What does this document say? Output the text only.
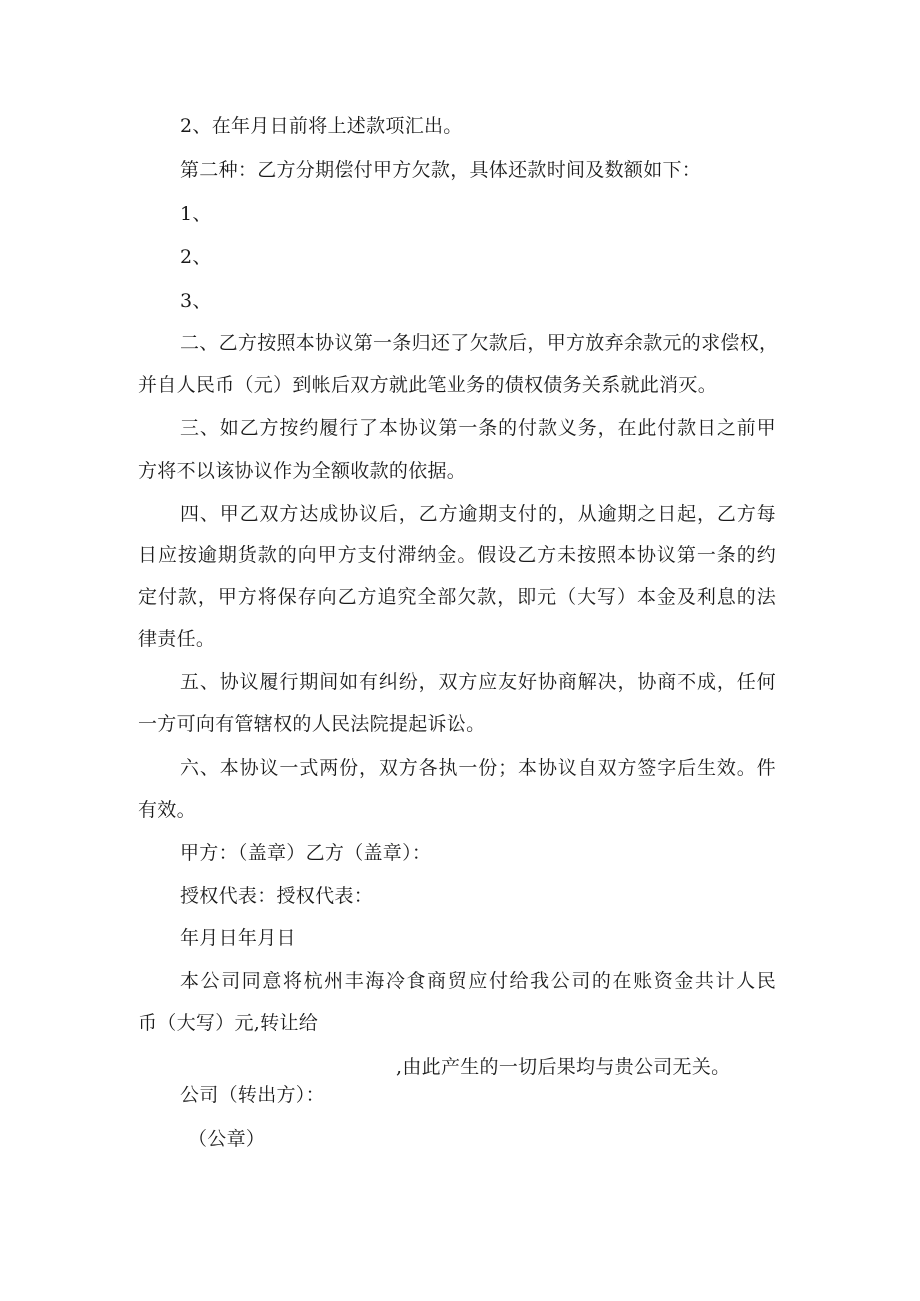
2、在年月日前将上述款项汇出。
第二种：乙方分期偿付甲方欠款，具体还款时间及数额如下：
1、
2、
3、
二、乙方按照本协议第一条归还了欠款后，甲方放弃余款元的求偿权，
并自人民币（元）到帐后双方就此笔业务的债权债务关系就此消灭。
三、如乙方按约履行了本协议第一条的付款义务，在此付款日之前甲
方将不以该协议作为全额收款的依据。
四、甲乙双方达成协议后，乙方逾期支付的，从逾期之日起，乙方每
日应按逾期货款的向甲方支付滞纳金。假设乙方未按照本协议第一条的约
定付款，甲方将保存向乙方追究全部欠款，即元（大写）本金及利息的法
律责任。
五、协议履行期间如有纠纷，双方应友好协商解决，协商不成，任何
一方可向有管辖权的人民法院提起诉讼。
六、本协议一式两份，双方各执一份；本协议自双方签字后生效。件
有效。
甲方：（盖章）乙方（盖章）：
授权代表：授权代表：
年月日年月日
本公司同意将杭州丰海冷食商贸应付给我公司的在账资金共计人民
币（大写）元,转让给
,由此产生的一切后果均与贵公司无关。
公司（转出方）：
（公章）
